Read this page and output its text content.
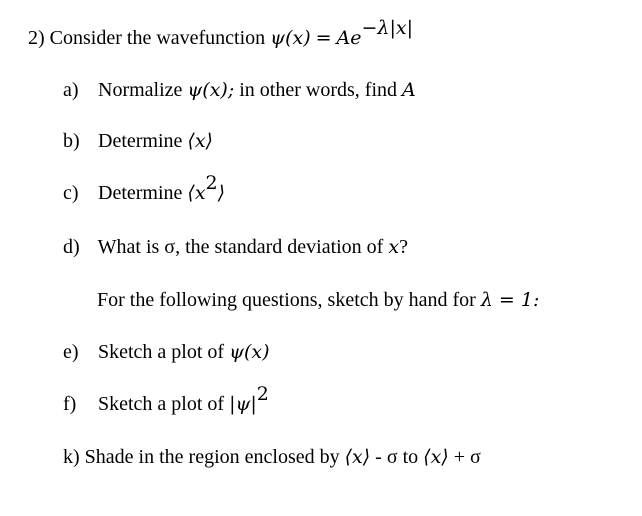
2) Consider the wavefunction $\psi(x) = Ae^{-\lambda|x|}$
a) Normalize ψ(x); in other words, find A
b) Determine ⟨x⟩
c) Determine $⟨x^2⟩$
d) What is σ, the standard deviation of x?
For the following questions, sketch by hand for λ = 1:
e) Sketch a plot of ψ(x)
f) Sketch a plot of $|\psi|^2$
k) Shade in the region enclosed by ⟨x⟩ - σ to ⟨x⟩ + σ
